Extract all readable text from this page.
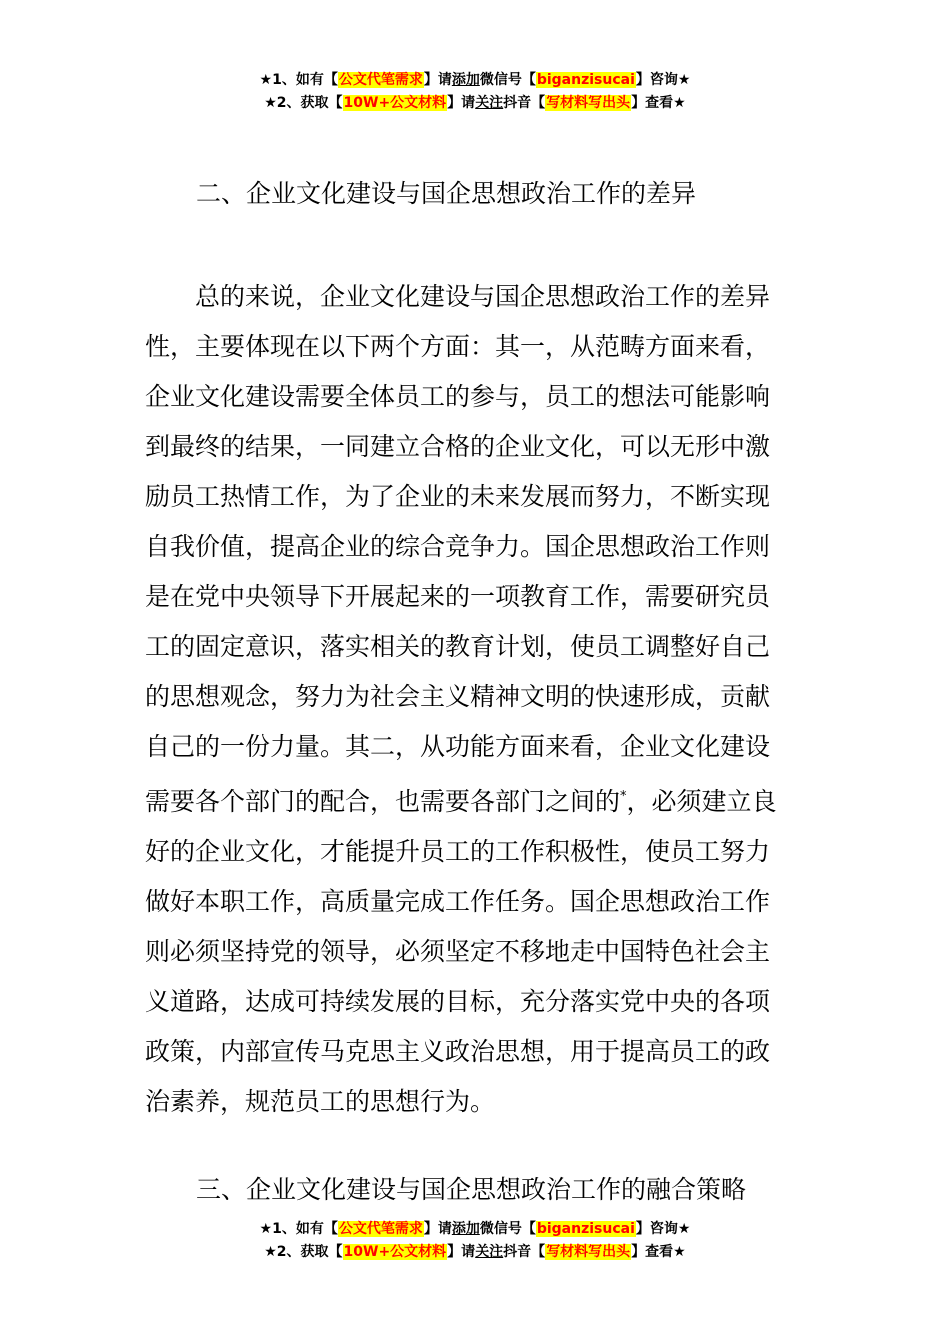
★1、如有【公文代笔需求】请添加微信号【biganzisucai】咨询★
★2、获取【10W+公文材料】请关注抖音【写材料写出头】查看★
二、企业文化建设与国企思想政治工作的差异
总的来说，企业文化建设与国企思想政治工作的差异
性，主要体现在以下两个方面：其一，从范畴方面来看，
企业文化建设需要全体员工的参与，员工的想法可能影响
到最终的结果，一同建立合格的企业文化，可以无形中激
励员工热情工作，为了企业的未来发展而努力，不断实现
自我价值，提高企业的综合竞争力。国企思想政治工作则
是在党中央领导下开展起来的一项教育工作，需要研究员
工的固定意识，落实相关的教育计划，使员工调整好自己
的思想观念，努力为社会主义精神文明的快速形成，贡献
自己的一份力量。其二，从功能方面来看，企业文化建设
需要各个部门的配合，也需要各部门之间的*，必须建立良
好的企业文化，才能提升员工的工作积极性，使员工努力
做好本职工作，高质量完成工作任务。国企思想政治工作
则必须坚持党的领导，必须坚定不移地走中国特色社会主
义道路，达成可持续发展的目标，充分落实党中央的各项
政策，内部宣传马克思主义政治思想，用于提高员工的政
治素养，规范员工的思想行为。
三、企业文化建设与国企思想政治工作的融合策略
★1、如有【公文代笔需求】请添加微信号【biganzisucai】咨询★
★2、获取【10W+公文材料】请关注抖音【写材料写出头】查看★
